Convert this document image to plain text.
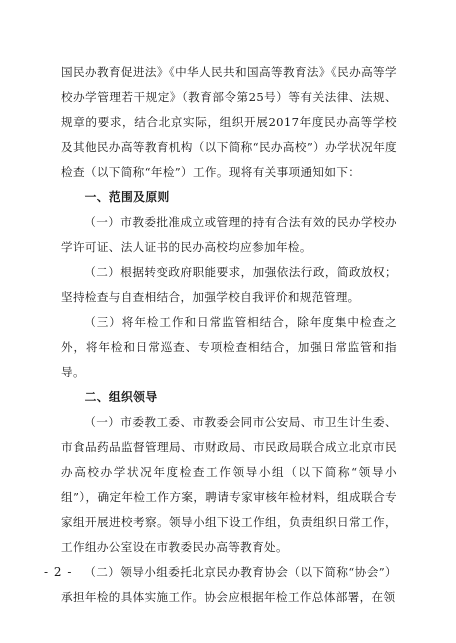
国民办教育促进法》《中华人民共和国高等教育法》《民办高等学校办学管理若干规定》（教育部令第25号）等有关法律、法规、规章的要求，结合北京实际，组织开展2017年度民办高等学校及其他民办高等教育机构（以下简称“民办高校”）办学状况年度检查（以下简称“年检”）工作。现将有关事项通知如下：

一、范围及原则

（一）市教委批准成立或管理的持有合法有效的民办学校办学许可证、法人证书的民办高校均应参加年检。

（二）根据转变政府职能要求，加强依法行政，简政放权；坚持检查与自查相结合，加强学校自我评价和规范管理。

（三）将年检工作和日常监管相结合，除年度集中检查之外，将年检和日常巡查、专项检查相结合，加强日常监管和指导。

二、组织领导

（一）市委教工委、市教委会同市公安局、市卫生计生委、市食品药品监督管理局、市财政局、市民政局联合成立北京市民办高校办学状况年度检查工作领导小组（以下简称“领导小组”），确定年检工作方案，聘请专家审核年检材料，组成联合专家组开展进校考察。领导小组下设工作组，负责组织日常工作，工作组办公室设在市教委民办高等教育处。

（二）领导小组委托北京民办教育协会（以下简称“协会”）承担年检的具体实施工作。协会应根据年检工作总体部署，在领

- 2 -
